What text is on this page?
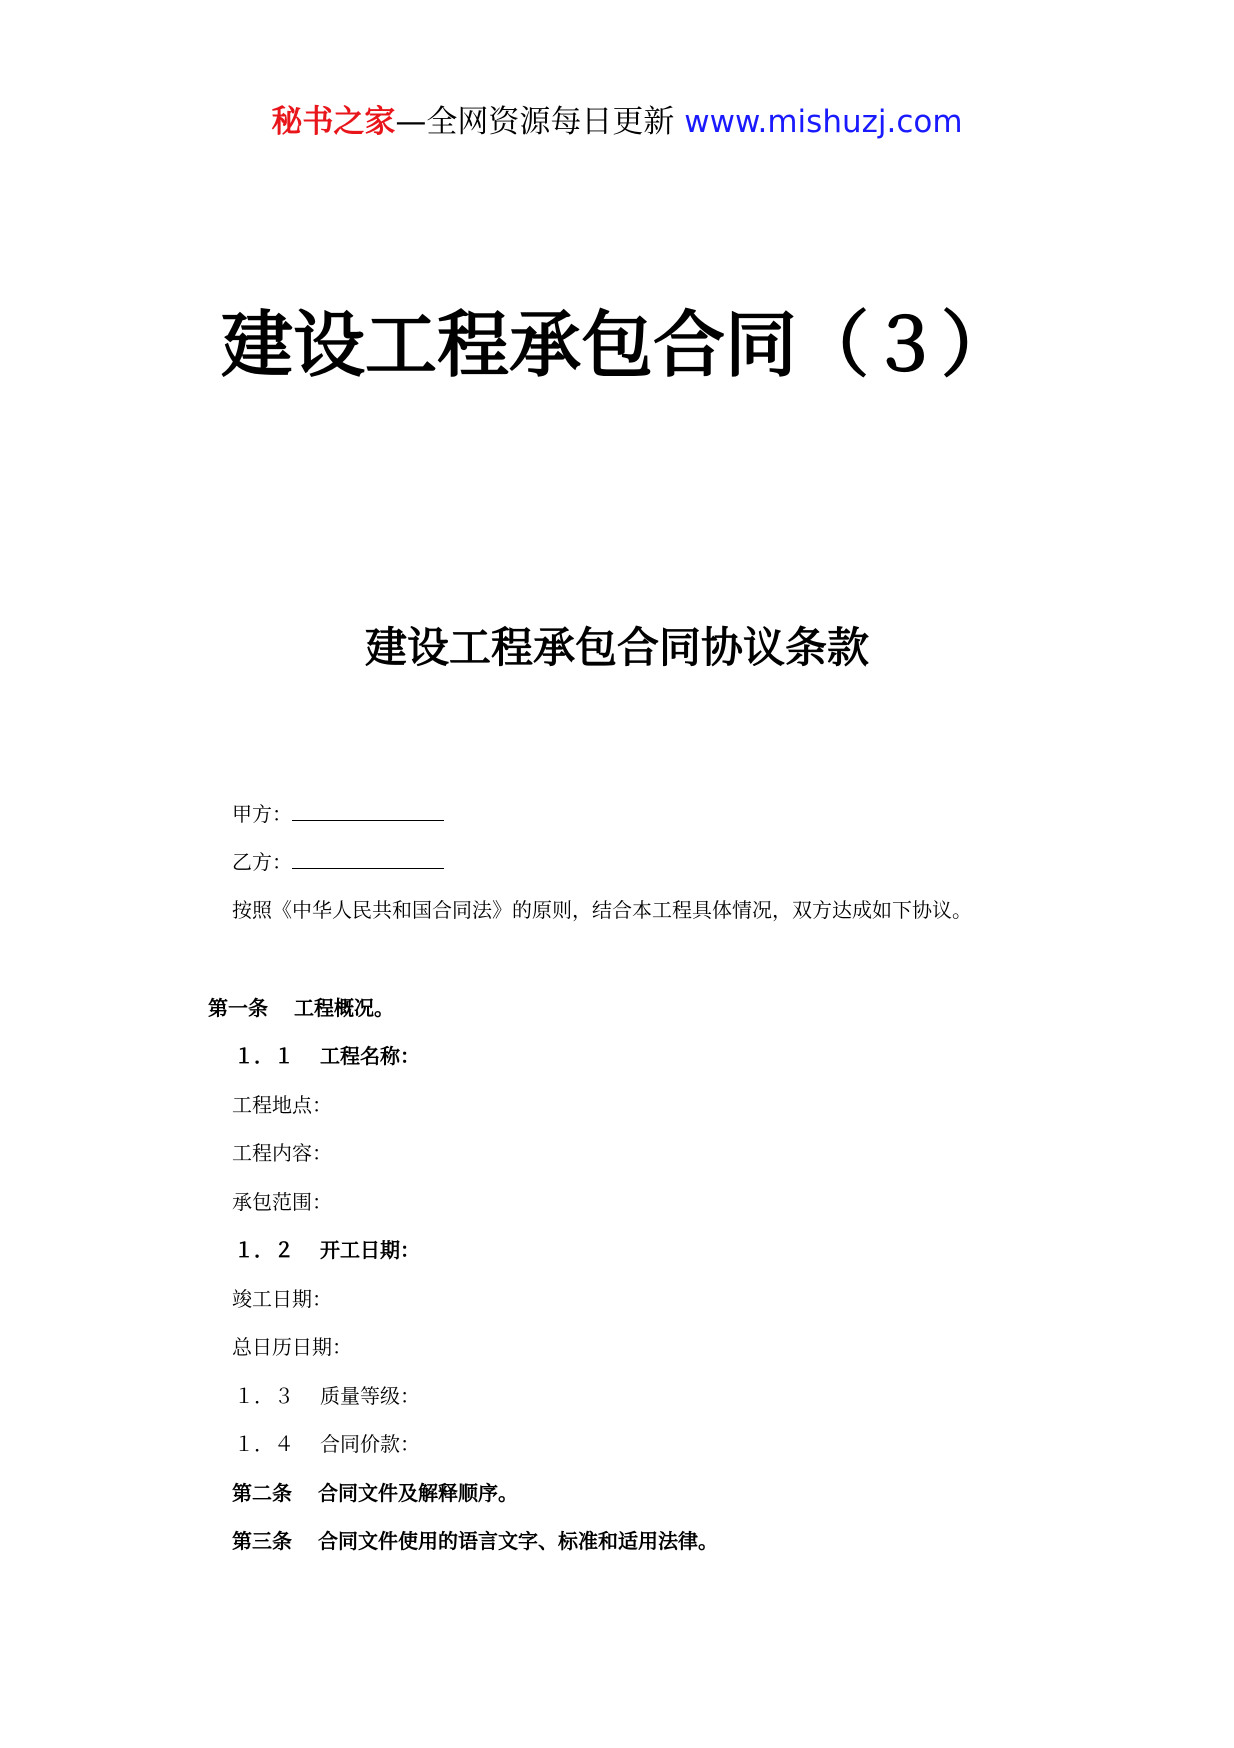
秘书之家—全网资源每日更新 www.mishuzj.com
建设工程承包合同（３）
建设工程承包合同协议条款
甲方：
乙方：
按照《中华人民共和国合同法》的原则，结合本工程具体情况，双方达成如下协议。
第一条 工程概况。
１．１ 工程名称：
工程地点：
工程内容：
承包范围：
１．２ 开工日期：
竣工日期：
总日历日期：
１．３ 质量等级：
１．４ 合同价款：
第二条 合同文件及解释顺序。
第三条 合同文件使用的语言文字、标准和适用法律。
